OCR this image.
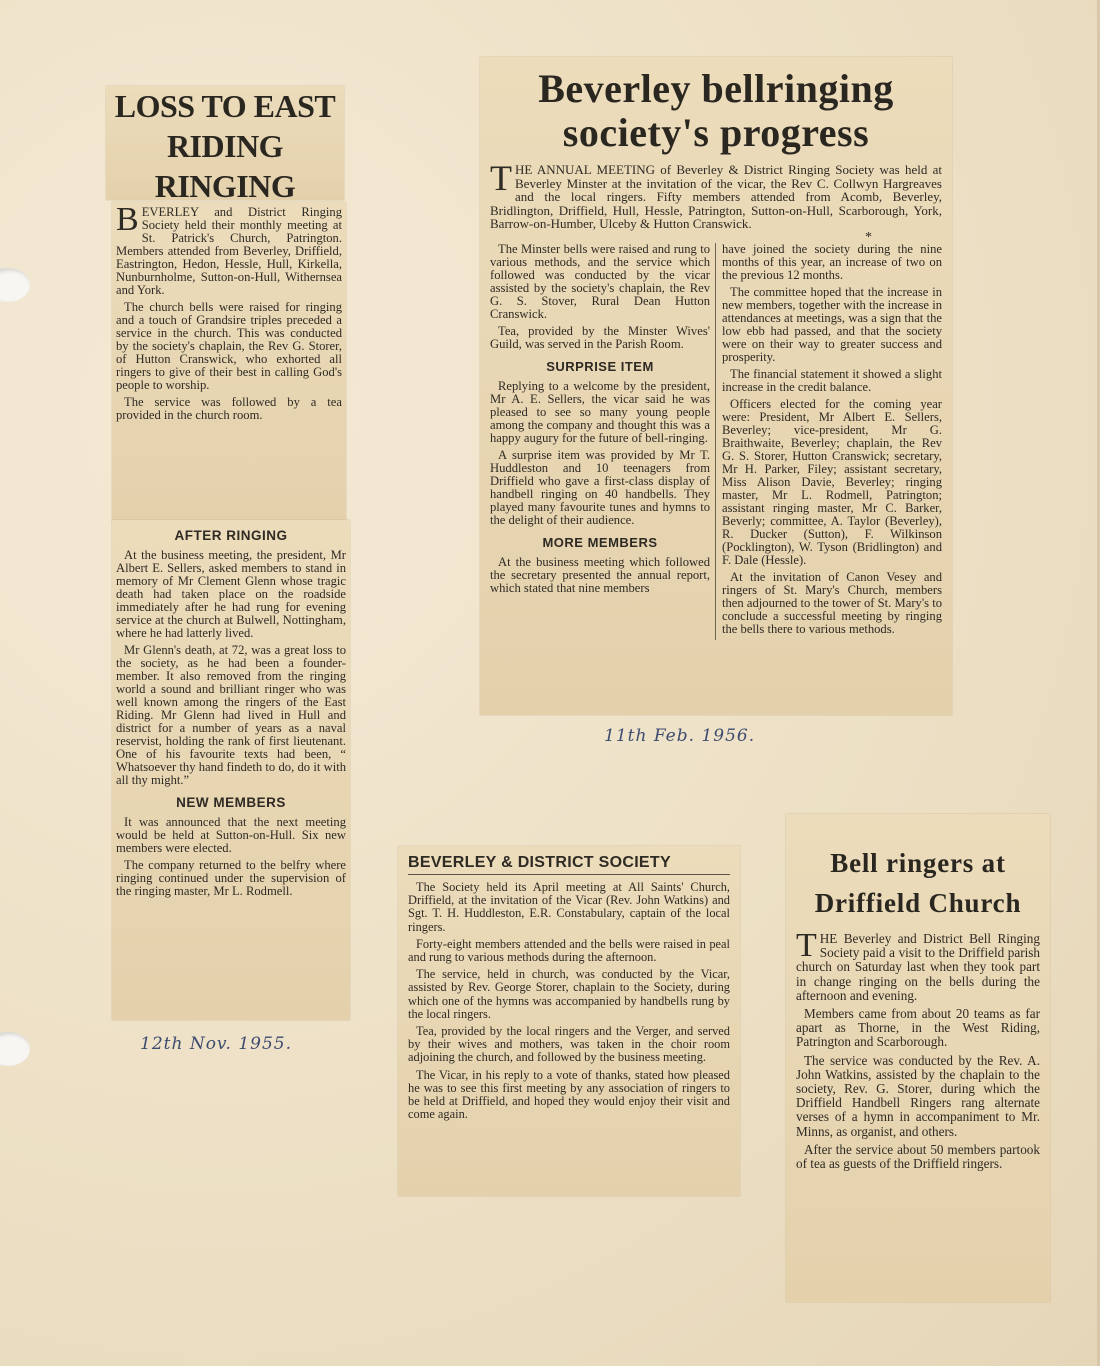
LOSS TO EAST
RIDING
RINGING

BEVERLEY and District Ringing Society held their monthly meeting at St. Patrick's Church, Patrington. Members attended from Beverley, Driffield, Eastrington, Hedon, Hessle, Hull, Kirkella, Nunburnholme, Sutton-on-Hull, Withernsea and York.

The church bells were raised for ringing and a touch of Grandsire triples preceded a service in the church. This was conducted by the society's chaplain, the Rev G. Storer, of Hutton Cranswick, who exhorted all ringers to give of their best in calling God's people to worship.

The service was followed by a tea provided in the church room.

AFTER RINGING

At the business meeting, the president, Mr Albert E. Sellers, asked members to stand in memory of Mr Clement Glenn whose tragic death had taken place on the roadside immediately after he had rung for evening service at the church at Bulwell, Nottingham, where he had latterly lived.

Mr Glenn's death, at 72, was a great loss to the society, as he had been a founder-member. It also removed from the ringing world a sound and brilliant ringer who was well known among the ringers of the East Riding. Mr Glenn had lived in Hull and district for a number of years as a naval reservist, holding the rank of first lieutenant. One of his favourite texts had been, “ Whatsoever thy hand findeth to do, do it with all thy might.”

NEW MEMBERS

It was announced that the next meeting would be held at Sutton-on-Hull. Six new members were elected.

The company returned to the belfry where ringing continued under the supervision of the ringing master, Mr L. Rodmell.

12th Nov. 1955.
Beverley bellringing
society's progress
THE ANNUAL MEETING of Beverley & District Ringing Society was held at Beverley Minster at the invitation of the vicar, the Rev C. Collwyn Hargreaves and the local ringers. Fifty members attended from Acomb, Beverley, Bridlington, Driffield, Hull, Hessle, Patrington, Sutton-on-Hull, Scarborough, York, Barrow-on-Humber, Ulceby & Hutton Cranswick.
*

The Minster bells were raised and rung to various methods, and the service which followed was conducted by the vicar assisted by the society's chaplain, the Rev G. S. Stover, Rural Dean Hutton Cranswick.

Tea, provided by the Minster Wives' Guild, was served in the Parish Room.

SURPRISE ITEM

Replying to a welcome by the president, Mr A. E. Sellers, the vicar said he was pleased to see so many young people among the company and thought this was a happy augury for the future of bell-ringing.

A surprise item was provided by Mr T. Huddleston and 10 teenagers from Driffield who gave a first-class display of handbell ringing on 40 handbells. They played many favourite tunes and hymns to the delight of their audience.

MORE MEMBERS

At the business meeting which followed the secretary presented the annual report, which stated that nine members

have joined the society during the nine months of this year, an increase of two on the previous 12 months.

The committee hoped that the increase in new members, together with the increase in attendances at meetings, was a sign that the low ebb had passed, and that the society were on their way to greater success and prosperity.

The financial statement it showed a slight increase in the credit balance.

Officers elected for the coming year were: President, Mr Albert E. Sellers, Beverley; vice-president, Mr G. Braithwaite, Beverley; chaplain, the Rev G. S. Storer, Hutton Cranswick; secretary, Mr H. Parker, Filey; assistant secretary, Miss Alison Davie, Beverley; ringing master, Mr L. Rodmell, Patrington; assistant ringing master, Mr C. Barker, Beverly; committee, A. Taylor (Beverley), R. Ducker (Sutton), F. Wilkinson (Pocklington), W. Tyson (Bridlington) and F. Dale (Hessle).

At the invitation of Canon Vesey and ringers of St. Mary's Church, members then adjourned to the tower of St. Mary's to conclude a successful meeting by ringing the bells there to various methods.

11th Feb. 1956.
BEVERLEY & DISTRICT SOCIETY

The Society held its April meeting at All Saints' Church, Driffield, at the invitation of the Vicar (Rev. John Watkins) and Sgt. T. H. Huddleston, E.R. Constabulary, captain of the local ringers.

Forty-eight members attended and the bells were raised in peal and rung to various methods during the afternoon.

The service, held in church, was conducted by the Vicar, assisted by Rev. George Storer, chaplain to the Society, during which one of the hymns was accompanied by handbells rung by the local ringers.

Tea, provided by the local ringers and the Verger, and served by their wives and mothers, was taken in the choir room adjoining the church, and followed by the business meeting.

The Vicar, in his reply to a vote of thanks, stated how pleased he was to see this first meeting by any association of ringers to be held at Driffield, and hoped they would enjoy their visit and come again.

Bell ringers at
Driffield Church

THE Beverley and District Bell Ringing Society paid a visit to the Driffield parish church on Saturday last when they took part in change ringing on the bells during the afternoon and evening.

Members came from about 20 teams as far apart as Thorne, in the West Riding, Patrington and Scarborough.

The service was conducted by the Rev. A. John Watkins, assisted by the chaplain to the society, Rev. G. Storer, during which the Driffield Handbell Ringers rang alternate verses of a hymn in accompaniment to Mr. Minns, as organist, and others.

After the service about 50 members partook of tea as guests of the Driffield ringers.
